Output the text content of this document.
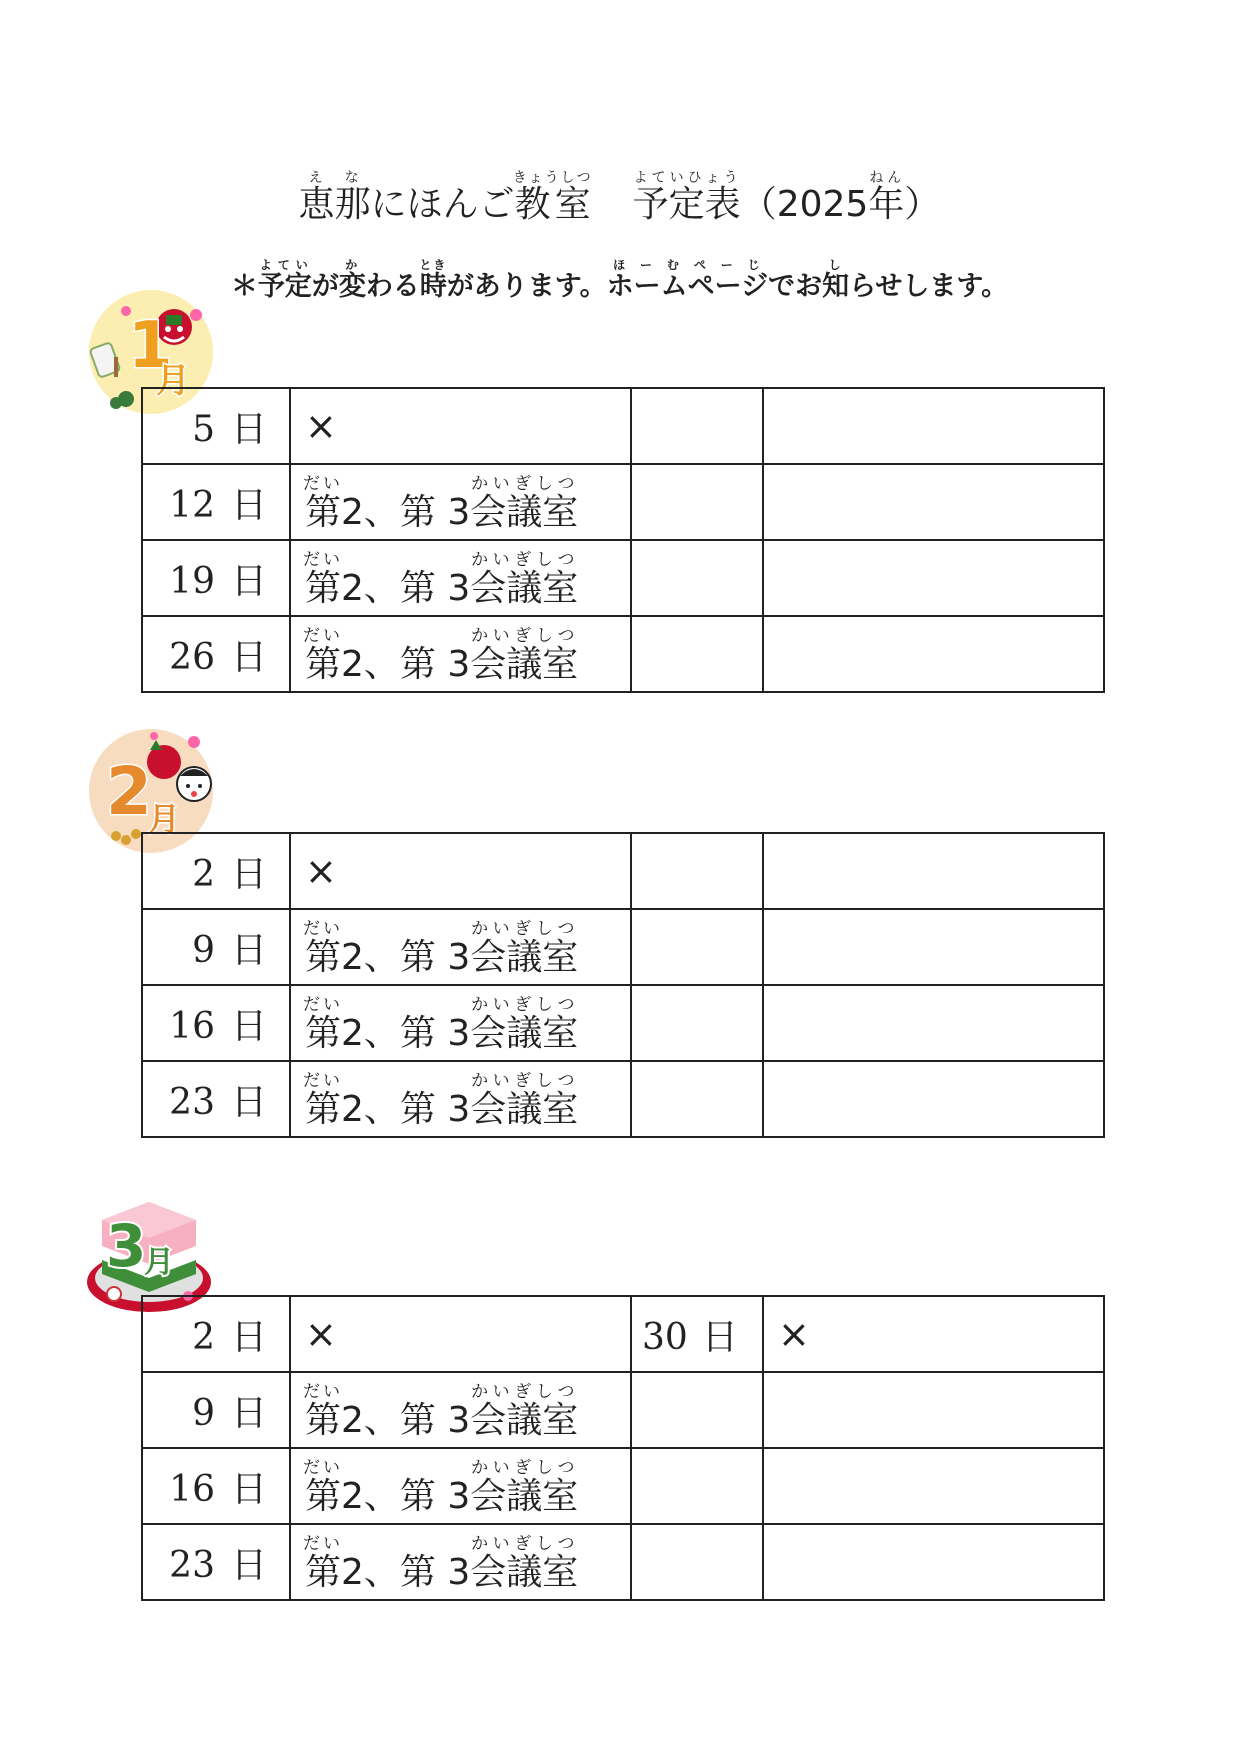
恵那えなにほんご教室きょうしつ予定表よていひょう（2025年ねん）
＊予定よていが変かわる時ときがあります。ホームページほーむぺーじでお知しらせします。
1
月
2
月
3
月
5 日	×		
12 日	第だい2、第 3会議室かいぎしつ				
19 日	第だい2、第 3会議室かいぎしつ				
26 日	第だい2、第 3会議室かいぎしつ				
2 日	×		
9 日	第だい2、第 3会議室かいぎしつ				
16 日	第だい2、第 3会議室かいぎしつ				
23 日	第だい2、第 3会議室かいぎしつ				
2 日	×	30 日	×
9 日	第だい2、第 3会議室かいぎしつ				
16 日	第だい2、第 3会議室かいぎしつ				
23 日	第だい2、第 3会議室かいぎしつ				
